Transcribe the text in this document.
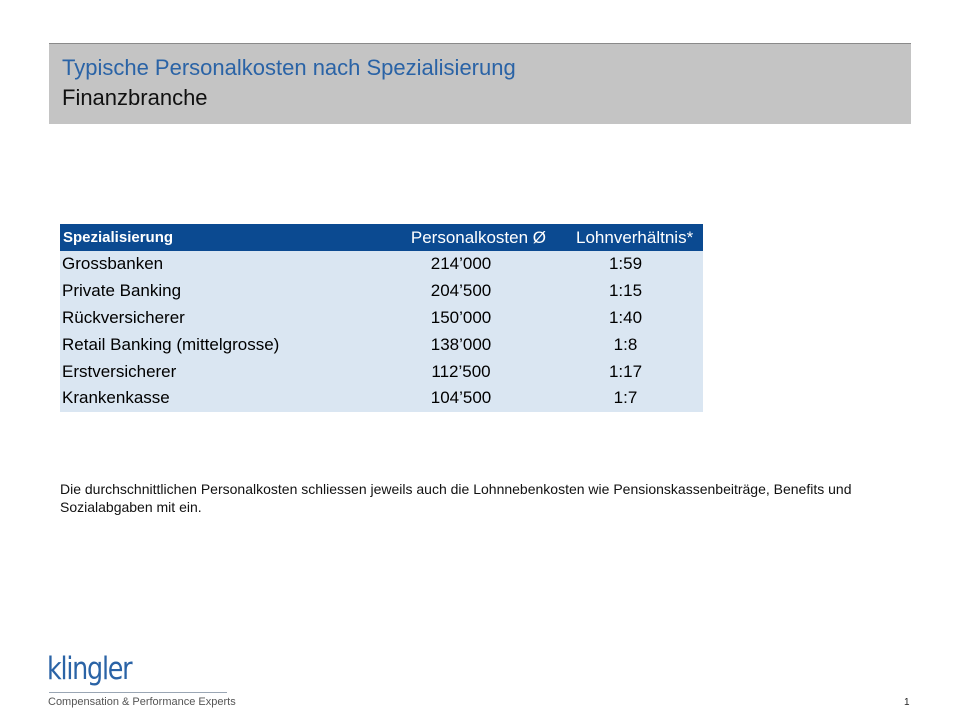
Typische Personalkosten nach Spezialisierung
Finanzbranche
Spezialisierung	Personalkosten Ø	Lohnverhältnis*
Grossbanken	214’000	1:59
Private Banking	204’500	1:15
Rückversicherer	150’000	1:40
Retail Banking (mittelgrosse)	138’000	1:8
Erstversicherer	112’500	1:17
Krankenkasse	104’500	1:7
Die durchschnittlichen Personalkosten schliessen jeweils auch die Lohnnebenkosten wie Pensionskassenbeiträge, Benefits und Sozialabgaben mit ein.
klingler
Compensation & Performance Experts	1
